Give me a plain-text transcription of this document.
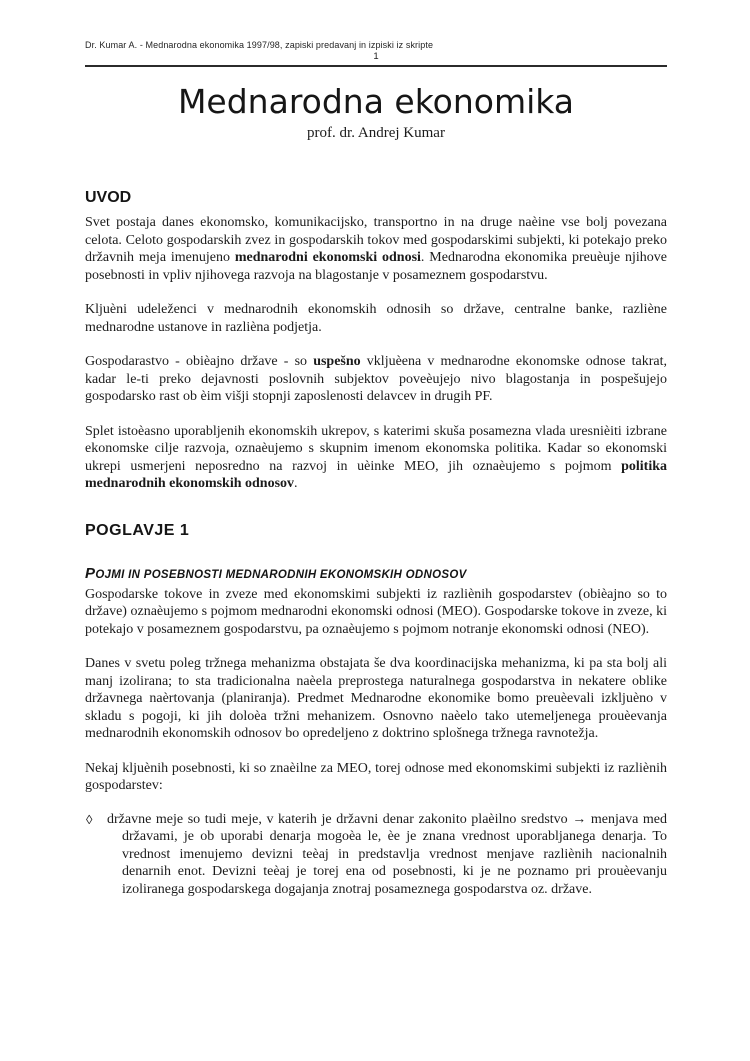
Dr. Kumar A. - Mednarodna ekonomika 1997/98, zapiski predavanj in izpiski iz skripte
1
Mednarodna ekonomika
prof. dr. Andrej Kumar
UVOD

Svet postaja danes ekonomsko, komunikacijsko, transportno in na druge naèine vse bolj povezana celota. Celoto gospodarskih zvez in gospodarskih tokov med gospodarskimi subjekti, ki potekajo preko državnih meja imenujeno mednarodni ekonomski odnosi. Mednarodna ekonomika preuèuje njihove posebnosti in vpliv njihovega razvoja na blagostanje v posameznem gospodarstvu.

Kljuèni udeleženci v mednarodnih ekonomskih odnosih so države, centralne banke, razliène mednarodne ustanove in razlièna podjetja.

Gospodarastvo - obièajno države - so uspešno vkljuèena v mednarodne ekonomske odnose takrat, kadar le-ti preko dejavnosti poslovnih subjektov poveèujejo nivo blagostanja in pospešujejo gospodarsko rast ob èim višji stopnji zaposlenosti delavcev in drugih PF.

Splet istoèasno uporabljenih ekonomskih ukrepov, s katerimi skuša posamezna vlada uresnièiti izbrane ekonomske cilje razvoja, oznaèujemo s skupnim imenom ekonomska politika. Kadar so ekonomski ukrepi usmerjeni neposredno na razvoj in uèinke MEO, jih oznaèujemo s pojmom politika mednarodnih ekonomskih odnosov.

POGLAVJE 1
POJMI IN POSEBNOSTI MEDNARODNIH EKONOMSKIH ODNOSOV

Gospodarske tokove in zveze med ekonomskimi subjekti iz razliènih gospodarstev (obièajno so to države) oznaèujemo s pojmom mednarodni ekonomski odnosi (MEO). Gospodarske tokove in zveze, ki potekajo v posameznem gospodarstvu, pa oznaèujemo s pojmom notranje ekonomski odnosi (NEO).

Danes v svetu poleg tržnega mehanizma obstajata še dva koordinacijska mehanizma, ki pa sta bolj ali manj izolirana; to sta tradicionalna naèela preprostega naturalnega gospodarstva in nekatere oblike državnega naèrtovanja (planiranja). Predmet Mednarodne ekonomike bomo preuèevali izkljuèno v skladu s pogoji, ki jih doloèa tržni mehanizem. Osnovno naèelo tako utemeljenega prouèevanja mednarodnih ekonomskih odnosov bo opredeljeno z doktrino splošnega tržnega ravnotežja.

Nekaj kljuènih posebnosti, ki so znaèilne za MEO, torej odnose med ekonomskimi subjekti iz razliènih gospodarstev:

◊ državne meje so tudi meje, v katerih je državni denar zakonito plaèilno sredstvo → menjava med državami, je ob uporabi denarja mogoèa le, èe je znana vrednost uporabljanega denarja. To vrednost imenujemo devizni teèaj in predstavlja vrednost menjave razliènih nacionalnih denarnih enot. Devizni teèaj je torej ena od posebnosti, ki je ne poznamo pri prouèevanju izoliranega gospodarskega dogajanja znotraj posameznega gospodarstva oz. države.
